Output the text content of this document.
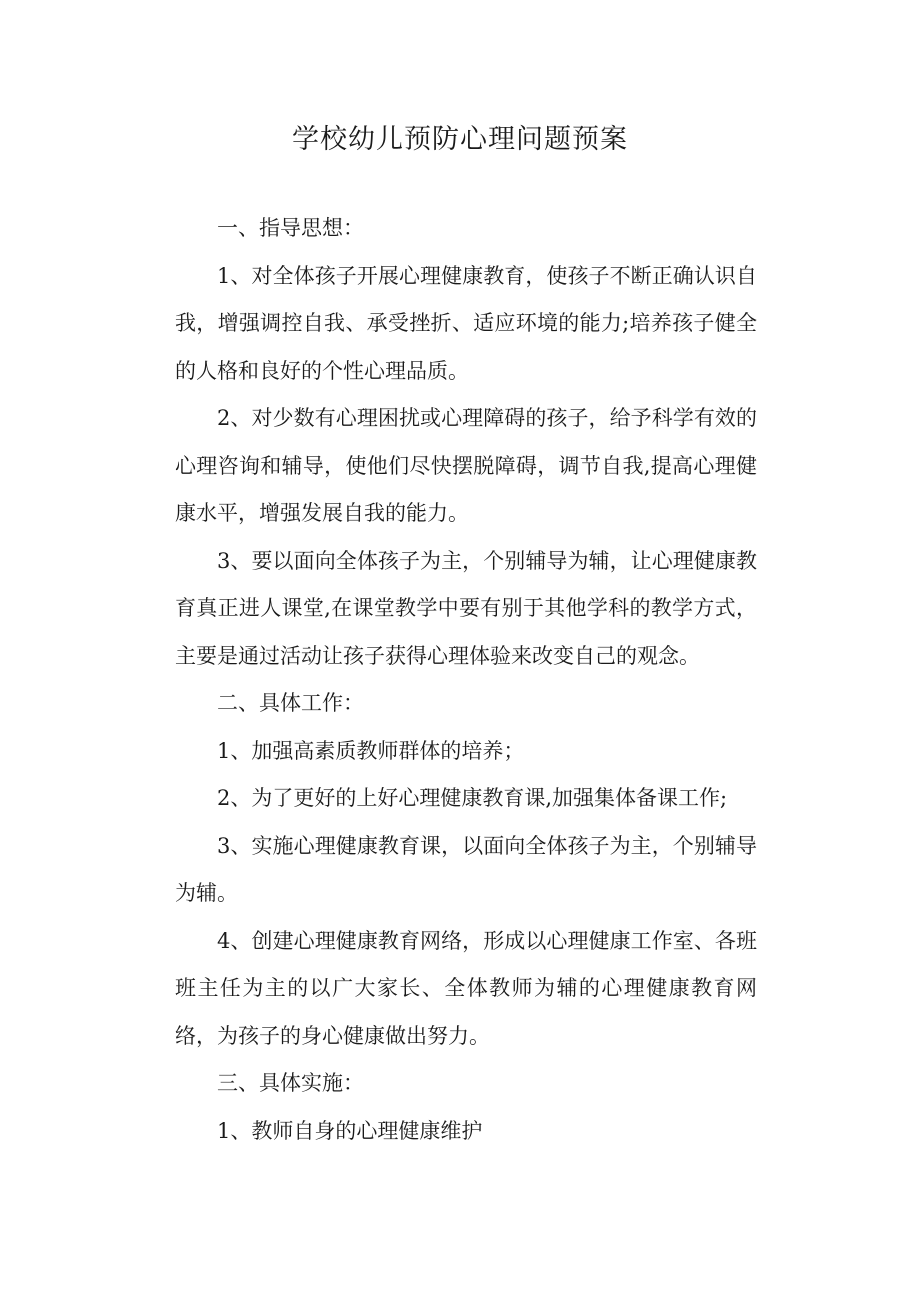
学校幼儿预防心理问题预案

一、指导思想：

1、对全体孩子开展心理健康教育，使孩子不断正确认识自我，增强调控自我、承受挫折、适应环境的能力;培养孩子健全的人格和良好的个性心理品质。

2、对少数有心理困扰或心理障碍的孩子，给予科学有效的心理咨询和辅导，使他们尽快摆脱障碍，调节自我,提高心理健康水平，增强发展自我的能力。

3、要以面向全体孩子为主，个别辅导为辅，让心理健康教育真正进人课堂,在课堂教学中要有别于其他学科的教学方式，主要是通过活动让孩子获得心理体验来改变自己的观念。

二、具体工作：

1、加强高素质教师群体的培养；

2、为了更好的上好心理健康教育课,加强集体备课工作;

3、实施心理健康教育课，以面向全体孩子为主，个别辅导为辅。

4、创建心理健康教育网络，形成以心理健康工作室、各班班主任为主的以广大家长、全体教师为辅的心理健康教育网络，为孩子的身心健康做出努力。

三、具体实施：

1、教师自身的心理健康维护
